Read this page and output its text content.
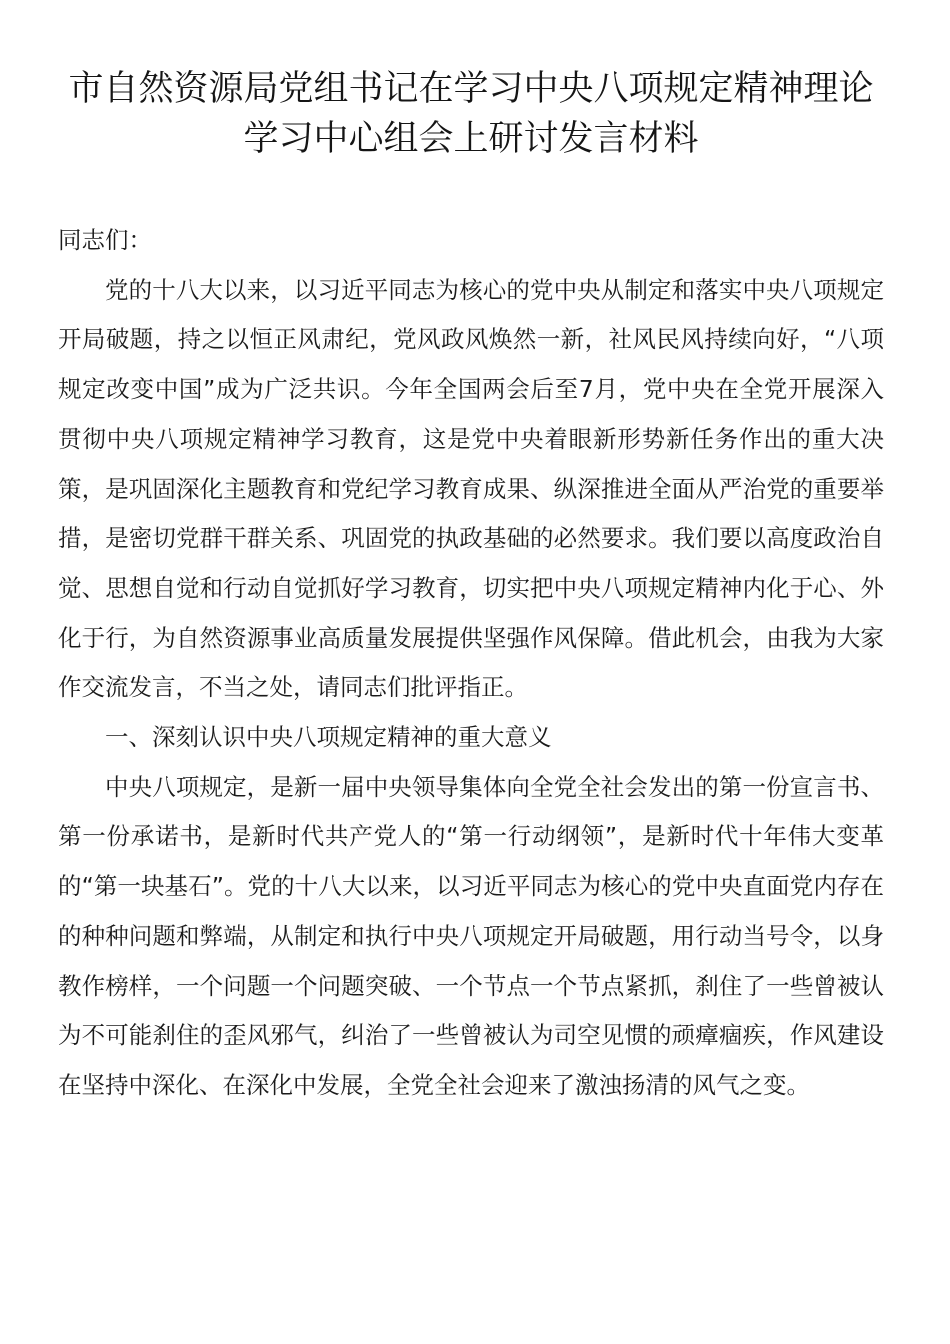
市自然资源局党组书记在学习中央八项规定精神理论学习中心组会上研讨发言材料

同志们：

党的十八大以来，以习近平同志为核心的党中央从制定和落实中央八项规定开局破题，持之以恒正风肃纪，党风政风焕然一新，社风民风持续向好，“八项规定改变中国”成为广泛共识。今年全国两会后至7月，党中央在全党开展深入贯彻中央八项规定精神学习教育，这是党中央着眼新形势新任务作出的重大决策，是巩固深化主题教育和党纪学习教育成果、纵深推进全面从严治党的重要举措，是密切党群干群关系、巩固党的执政基础的必然要求。我们要以高度政治自觉、思想自觉和行动自觉抓好学习教育，切实把中央八项规定精神内化于心、外化于行，为自然资源事业高质量发展提供坚强作风保障。借此机会，由我为大家作交流发言，不当之处，请同志们批评指正。

一、深刻认识中央八项规定精神的重大意义

中央八项规定，是新一届中央领导集体向全党全社会发出的第一份宣言书、第一份承诺书，是新时代共产党人的“第一行动纲领”，是新时代十年伟大变革的“第一块基石”。党的十八大以来，以习近平同志为核心的党中央直面党内存在的种种问题和弊端，从制定和执行中央八项规定开局破题，用行动当号令，以身教作榜样，一个问题一个问题突破、一个节点一个节点紧抓，刹住了一些曾被认为不可能刹住的歪风邪气，纠治了一些曾被认为司空见惯的顽瘴痼疾，作风建设在坚持中深化、在深化中发展，全党全社会迎来了激浊扬清的风气之变。
